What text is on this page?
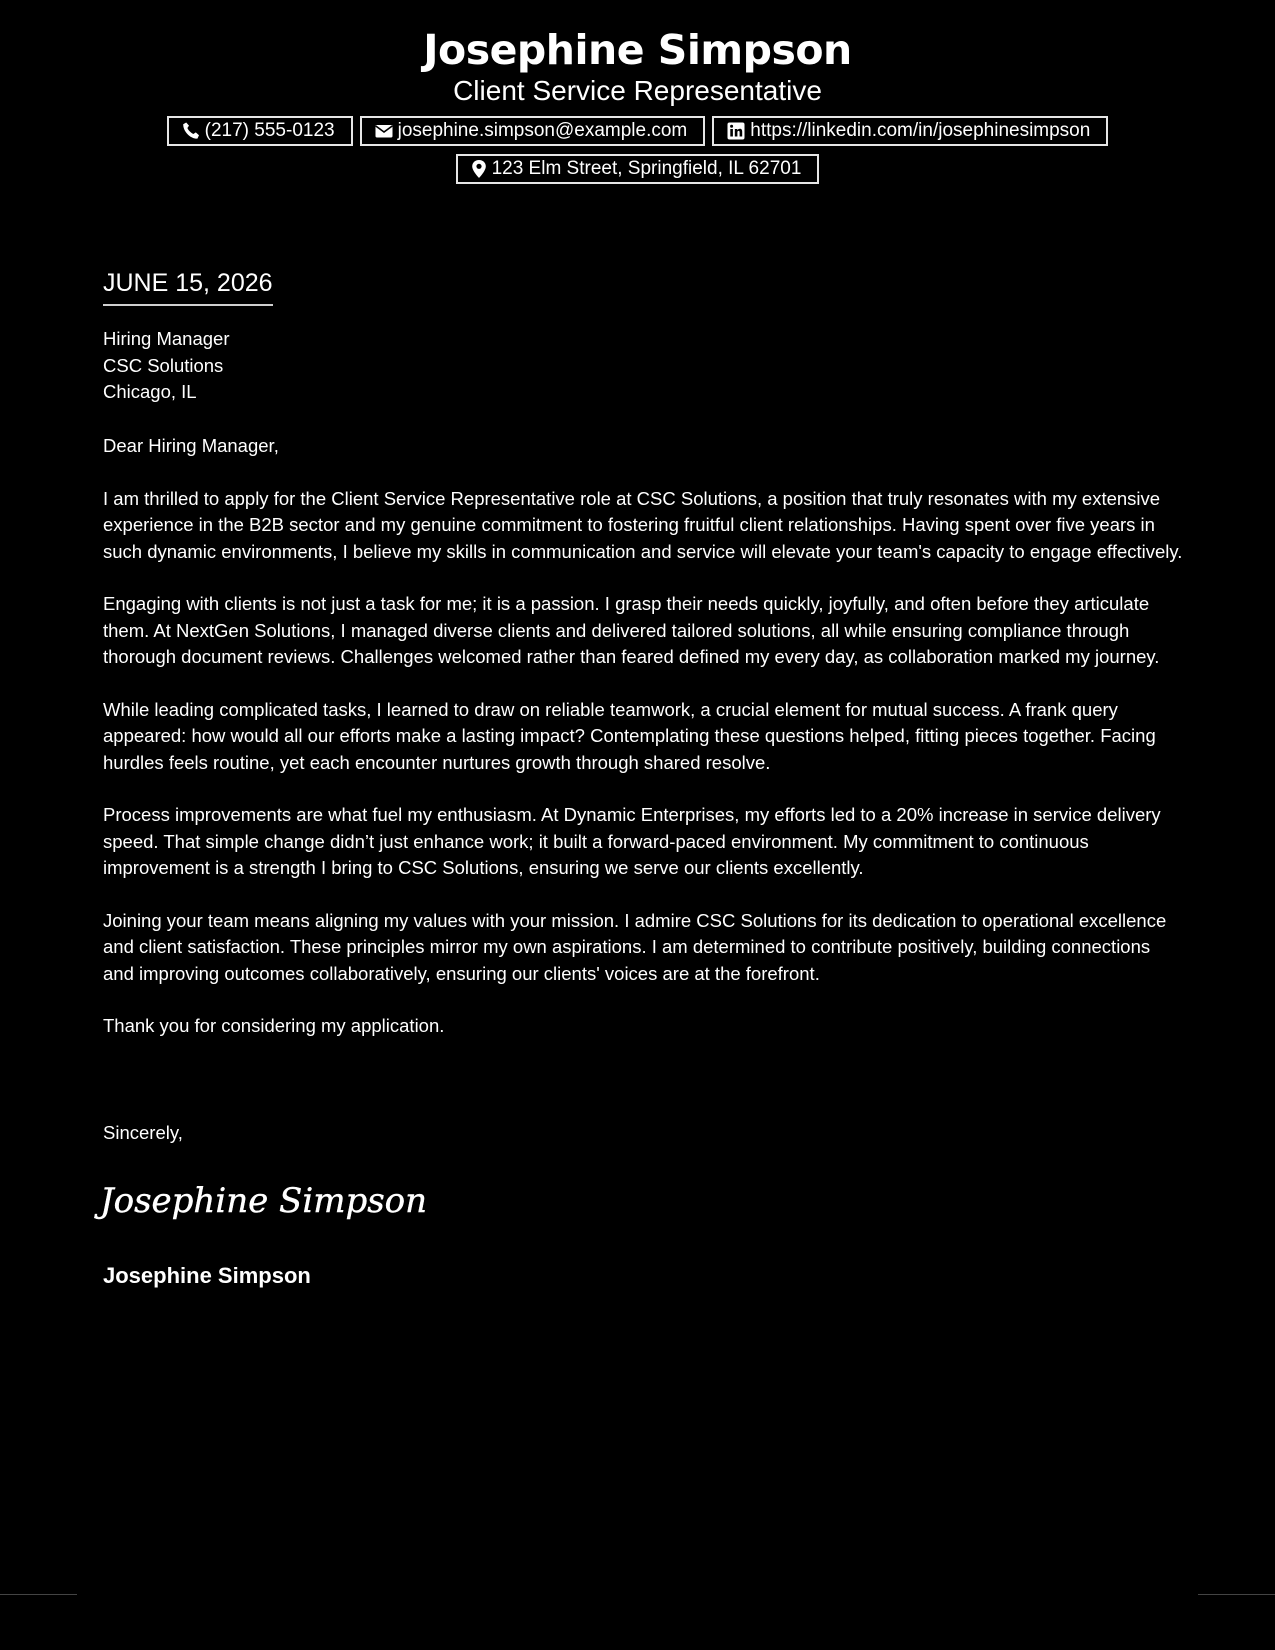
Josephine Simpson
Client Service Representative
(217) 555-0123	josephine.simpson@example.com	https://linkedin.com/in/josephinesimpson
123 Elm Street, Springfield, IL 62701
JUNE 15, 2026
Hiring Manager
CSC Solutions
Chicago, IL

Dear Hiring Manager,

I am thrilled to apply for the Client Service Representative role at CSC Solutions, a position that truly resonates with my extensive experience in the B2B sector and my genuine commitment to fostering fruitful client relationships. Having spent over five years in such dynamic environments, I believe my skills in communication and service will elevate your team's capacity to engage effectively.

Engaging with clients is not just a task for me; it is a passion. I grasp their needs quickly, joyfully, and often before they articulate them. At NextGen Solutions, I managed diverse clients and delivered tailored solutions, all while ensuring compliance through thorough document reviews. Challenges welcomed rather than feared defined my every day, as collaboration marked my journey.

While leading complicated tasks, I learned to draw on reliable teamwork, a crucial element for mutual success. A frank query appeared: how would all our efforts make a lasting impact? Contemplating these questions helped, fitting pieces together. Facing hurdles feels routine, yet each encounter nurtures growth through shared resolve.

Process improvements are what fuel my enthusiasm. At Dynamic Enterprises, my efforts led to a 20% increase in service delivery speed. That simple change didn’t just enhance work; it built a forward-paced environment. My commitment to continuous improvement is a strength I bring to CSC Solutions, ensuring we serve our clients excellently.

Joining your team means aligning my values with your mission. I admire CSC Solutions for its dedication to operational excellence and client satisfaction. These principles mirror my own aspirations. I am determined to contribute positively, building connections and improving outcomes collaboratively, ensuring our clients' voices are at the forefront.

Thank you for considering my application.

Sincerely,
Josephine Simpson
Josephine Simpson
